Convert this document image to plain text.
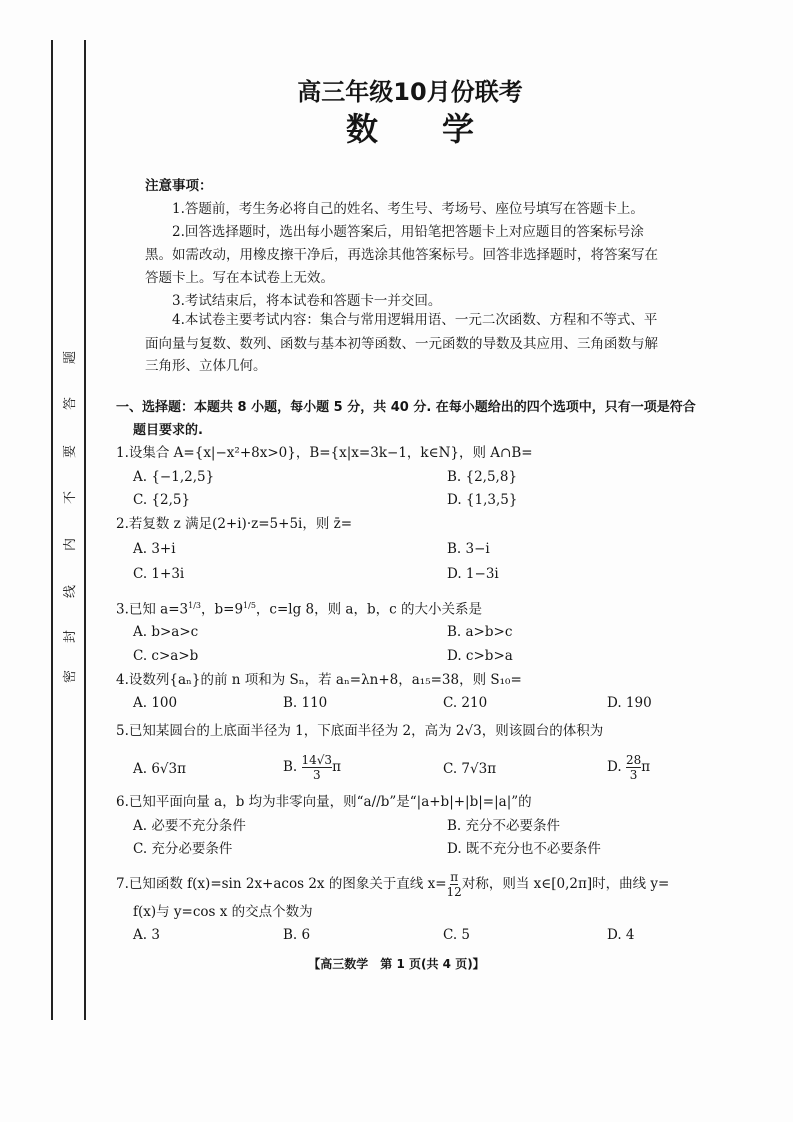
题
答
要
不
内
线
封
密
高三年级10月份联考
数　　学
注意事项：
1.答题前，考生务必将自己的姓名、考生号、考场号、座位号填写在答题卡上。
2.回答选择题时，选出每小题答案后，用铅笔把答题卡上对应题目的答案标号涂
黑。如需改动，用橡皮擦干净后，再选涂其他答案标号。回答非选择题时，将答案写在
答题卡上。写在本试卷上无效。
3.考试结束后，将本试卷和答题卡一并交回。
4.本试卷主要考试内容：集合与常用逻辑用语、一元二次函数、方程和不等式、平
面向量与复数、数列、函数与基本初等函数、一元函数的导数及其应用、三角函数与解
三角形、立体几何。
一、选择题：本题共 8 小题，每小题 5 分，共 40 分. 在每小题给出的四个选项中，只有一项是符合
题目要求的.
1.设集合 A={x|−x²+8x>0}，B={x|x=3k−1，k∈N}，则 A∩B=
A. {−1,2,5}	B. {2,5,8}
C. {2,5}	D. {1,3,5}
2.若复数 z 满足(2+i)·z=5+5i，则 z̄=
A. 3+i	B. 3−i
C. 1+3i	D. 1−3i
3.已知 $a=3^{1/3}$，$b=9^{1/5}$，c=lg 8，则 a，b，c 的大小关系是
A. b>a>c	B. a>b>c
C. c>a>b	D. c>b>a
4.设数列{aₙ}的前 n 项和为 Sₙ，若 aₙ=λn+8，a₁₅=38，则 S₁₀=
A. 100	B. 110	C. 210	D. 190
5.已知某圆台的上底面半径为 1，下底面半径为 2，高为 2√3，则该圆台的体积为
A. 6√3π	B. $\frac{14√3}{3}$ π	C. 7√3π	D. $\frac{28}{3}$ π
6.已知平面向量 a，b 均为非零向量，则“a//b”是“|a+b|+|b|=|a|”的
A. 必要不充分条件	B. 充分不必要条件
C. 充分必要条件	D. 既不充分也不必要条件
7.已知函数 f(x)=sin 2x+acos 2x 的图象关于直线 $x= \frac{\pi}{12}$ 对称，则当 x∈[0,2π]时，曲线 y=
f(x)与 y=cos x 的交点个数为
A. 3	B. 6	C. 5	D. 4
【高三数学　第 1 页(共 4 页)】
